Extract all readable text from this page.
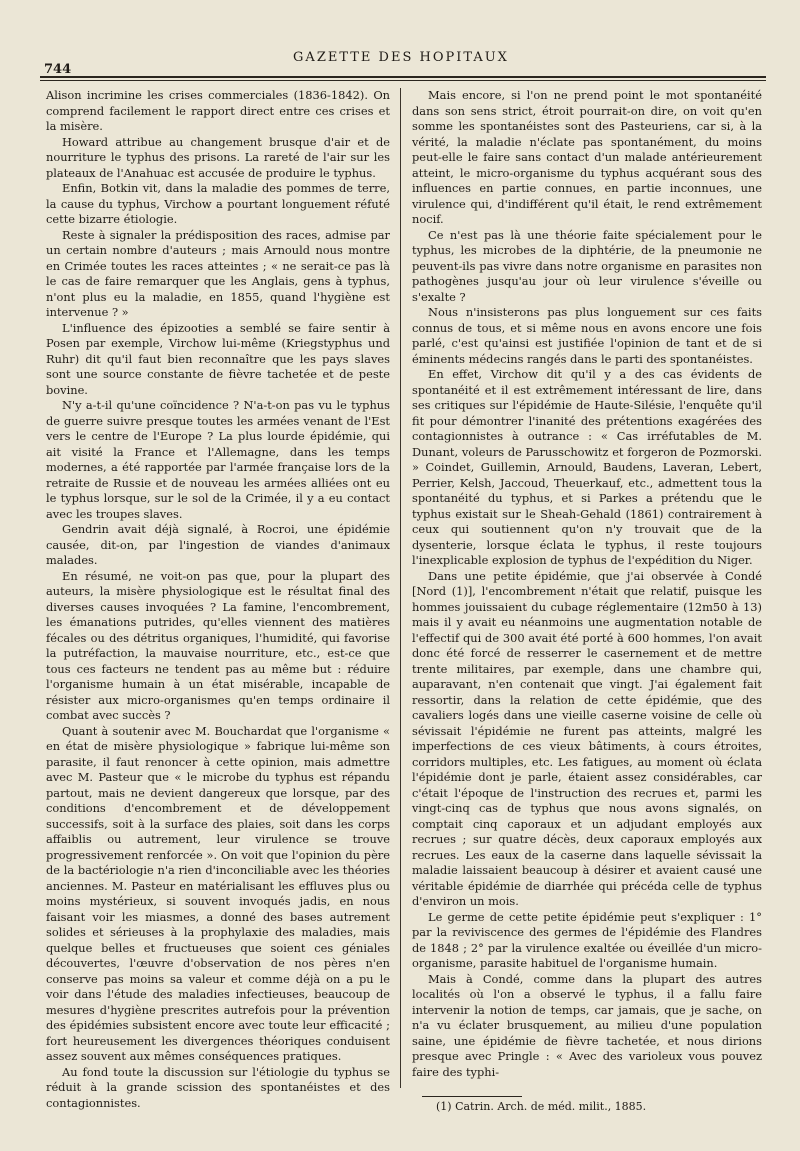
744
GAZETTE DES HOPITAUX

Alison incrimine les crises commerciales (1836-1842). On comprend facilement le rapport direct entre ces crises et la misère.

Howard attribue au changement brusque d'air et de nourriture le typhus des prisons. La rareté de l'air sur les plateaux de l'Anahuac est accusée de produire le typhus.

Enfin, Botkin vit, dans la maladie des pommes de terre, la cause du typhus, Virchow a pourtant longuement réfuté cette bizarre étiologie.

Reste à signaler la prédisposition des races, admise par un certain nombre d'auteurs ; mais Arnould nous montre en Crimée toutes les races atteintes ; « ne serait-ce pas là le cas de faire remarquer que les Anglais, gens à typhus, n'ont plus eu la maladie, en 1855, quand l'hygiène est intervenue ? »

L'influence des épizooties a semblé se faire sentir à Posen par exemple, Virchow lui-même (Kriegstyphus und Ruhr) dit qu'il faut bien reconnaître que les pays slaves sont une source constante de fièvre tachetée et de peste bovine.

N'y a-t-il qu'une coïncidence ? N'a-t-on pas vu le typhus de guerre suivre presque toutes les armées venant de l'Est vers le centre de l'Europe ? La plus lourde épidémie, qui ait visité la France et l'Allemagne, dans les temps modernes, a été rapportée par l'armée française lors de la retraite de Russie et de nouveau les armées alliées ont eu le typhus lorsque, sur le sol de la Crimée, il y a eu contact avec les troupes slaves.

Gendrin avait déjà signalé, à Rocroi, une épidémie causée, dit-on, par l'ingestion de viandes d'animaux malades.

En résumé, ne voit-on pas que, pour la plupart des auteurs, la misère physiologique est le résultat final des diverses causes invoquées ? La famine, l'encombrement, les émanations putrides, qu'elles viennent des matières fécales ou des détritus organiques, l'humidité, qui favorise la putréfaction, la mauvaise nourriture, etc., est-ce que tous ces facteurs ne tendent pas au même but : réduire l'organisme humain à un état misérable, incapable de résister aux micro-organismes qu'en temps ordinaire il combat avec succès ?

Quant à soutenir avec M. Bouchardat que l'organisme « en état de misère physiologique » fabrique lui-même son parasite, il faut renoncer à cette opinion, mais admettre avec M. Pasteur que « le microbe du typhus est répandu partout, mais ne devient dangereux que lorsque, par des conditions d'encombrement et de développement successifs, soit à la surface des plaies, soit dans les corps affaiblis ou autrement, leur virulence se trouve progressivement renforcée ». On voit que l'opinion du père de la bactériologie n'a rien d'inconciliable avec les théories anciennes. M. Pasteur en matérialisant les effluves plus ou moins mystérieux, si souvent invoqués jadis, en nous faisant voir les miasmes, a donné des bases autrement solides et sérieuses à la prophylaxie des maladies, mais quelque belles et fructueuses que soient ces géniales découvertes, l'œuvre d'observation de nos pères n'en conserve pas moins sa valeur et comme déjà on a pu le voir dans l'étude des maladies infectieuses, beaucoup de mesures d'hygiène prescrites autrefois pour la prévention des épidémies subsistent encore avec toute leur efficacité ; fort heureusement les divergences théoriques conduisent assez souvent aux mêmes conséquences pratiques.

Au fond toute la discussion sur l'étiologie du typhus se réduit à la grande scission des spontanéistes et des contagionnistes.

Mais encore, si l'on ne prend point le mot spontanéité dans son sens strict, étroit pourrait-on dire, on voit qu'en somme les spontanéistes sont des Pasteuriens, car si, à la vérité, la maladie n'éclate pas spontanément, du moins peut-elle le faire sans contact d'un malade antérieurement atteint, le micro-organisme du typhus acquérant sous des influences en partie connues, en partie inconnues, une virulence qui, d'indifférent qu'il était, le rend extrêmement nocif.

Ce n'est pas là une théorie faite spécialement pour le typhus, les microbes de la diphtérie, de la pneumonie ne peuvent-ils pas vivre dans notre organisme en parasites non pathogènes jusqu'au jour où leur virulence s'éveille ou s'exalte ?

Nous n'insisterons pas plus longuement sur ces faits connus de tous, et si même nous en avons encore une fois parlé, c'est qu'ainsi est justifiée l'opinion de tant et de si éminents médecins rangés dans le parti des spontanéistes.

En effet, Virchow dit qu'il y a des cas évidents de spontanéité et il est extrêmement intéressant de lire, dans ses critiques sur l'épidémie de Haute-Silésie, l'enquête qu'il fit pour démontrer l'inanité des prétentions exagérées des contagionnistes à outrance : « Cas irréfutables de M. Dunant, voleurs de Parusschowitz et forgeron de Pozmorski. » Coindet, Guillemin, Arnould, Baudens, Laveran, Lebert, Perrier, Kelsh, Jaccoud, Theuerkauf, etc., admettent tous la spontanéité du typhus, et si Parkes a prétendu que le typhus existait sur le Sheah-Gehald (1861) contrairement à ceux qui soutiennent qu'on n'y trouvait que de la dysenterie, lorsque éclata le typhus, il reste toujours l'inexplicable explosion de typhus de l'expédition du Niger.

Dans une petite épidémie, que j'ai observée à Condé [Nord (1)], l'encombrement n'était que relatif, puisque les hommes jouissaient du cubage réglementaire (12m50 à 13) mais il y avait eu néanmoins une augmentation notable de l'effectif qui de 300 avait été porté à 600 hommes, l'on avait donc été forcé de resserrer le casernement et de mettre trente militaires, par exemple, dans une chambre qui, auparavant, n'en contenait que vingt. J'ai également fait ressortir, dans la relation de cette épidémie, que des cavaliers logés dans une vieille caserne voisine de celle où sévissait l'épidémie ne furent pas atteints, malgré les imperfections de ces vieux bâtiments, à cours étroites, corridors multiples, etc. Les fatigues, au moment où éclata l'épidémie dont je parle, étaient assez considérables, car c'était l'époque de l'instruction des recrues et, parmi les vingt-cinq cas de typhus que nous avons signalés, on comptait cinq caporaux et un adjudant employés aux recrues ; sur quatre décès, deux caporaux employés aux recrues. Les eaux de la caserne dans laquelle sévissait la maladie laissaient beaucoup à désirer et avaient causé une véritable épidémie de diarrhée qui précéda celle de typhus d'environ un mois.

Le germe de cette petite épidémie peut s'expliquer : 1° par la reviviscence des germes de l'épidémie des Flandres de 1848 ; 2° par la virulence exaltée ou éveillée d'un micro-organisme, parasite habituel de l'organisme humain.

Mais à Condé, comme dans la plupart des autres localités où l'on a observé le typhus, il a fallu faire intervenir la notion de temps, car jamais, que je sache, on n'a vu éclater brusquement, au milieu d'une population saine, une épidémie de fièvre tachetée, et nous dirions presque avec Pringle : « Avec des varioleux vous pouvez faire des typhi-

(1) Catrin. Arch. de méd. milit., 1885.
